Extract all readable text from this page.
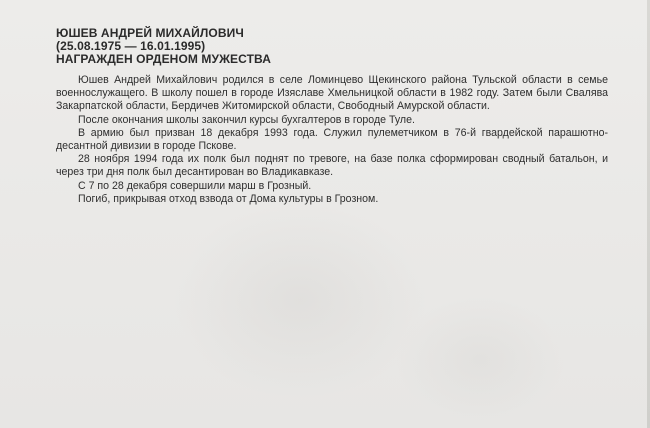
ЮШЕВ АНДРЕЙ МИХАЙЛОВИЧ
(25.08.1975 — 16.01.1995)
НАГРАЖДЕН ОРДЕНОМ МУЖЕСТВА

Юшев Андрей Михайлович родился в селе Ломинцево Щекинского района Тульской области в семье военнослужащего. В школу пошел в городе Изяславе Хмельницкой области в 1982 году. Затем были Свалява Закарпатской области, Бердичев Житомирской области, Свободный Амурской области.

После окончания школы закончил курсы бухгалтеров в городе Туле.

В армию был призван 18 декабря 1993 года. Служил пулеметчиком в 76-й гвардейской парашютно-десантной дивизии в городе Пскове.

28 ноября 1994 года их полк был поднят по тревоге, на базе полка сформирован сводный батальон, и через три дня полк был десантирован во Владикавказе.

С 7 по 28 декабря совершили марш в Грозный.

Погиб, прикрывая отход взвода от Дома культуры в Грозном.
